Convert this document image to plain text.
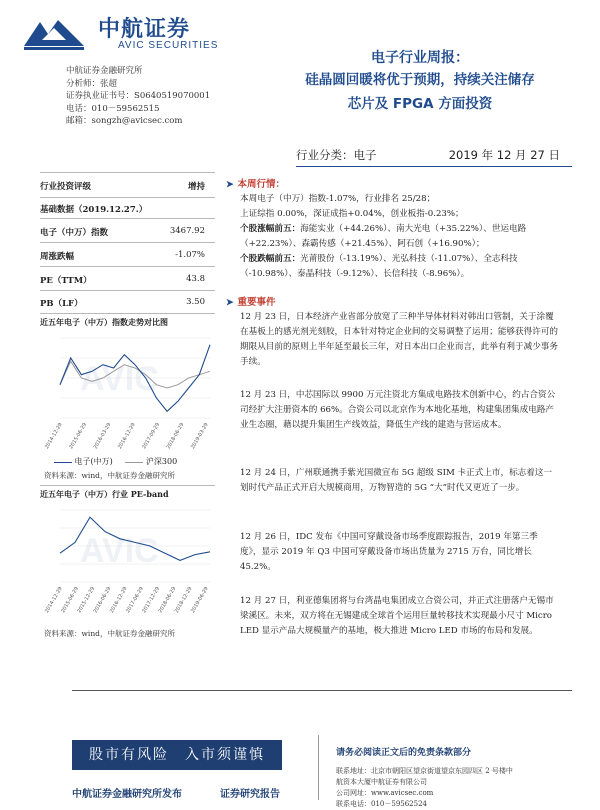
中航证券
AVIC SECURITIES
中航证券金融研究所
分析师：张超
证券执业证书号：S0640519070001
电话：010－59562515
邮箱：songzh@avicsec.com
电子行业周报：
硅晶圆回暖将优于预期，持续关注储存
芯片及 FPGA 方面投资
行业分类：电子	2019 年 12 月 27 日
行业投资评级	增持
基础数据（2019.12.27.）
电子（中万）指数	3467.92
周涨跌幅	-1.07%
PE（TTM）	43.8
PB（LF）	3.50
近五年电子（中万）指数走势对比图
AVIC
2014-12-29 2015-06-29 2016-03-29 2016-12-29 2017-09-29 2018-06-29 2019-03-29
电子(中万)	沪深300
资料来源：wind，中航证券金融研究所
近五年电子（中万）行业 PE-band
AVIC
2014-12-29
2015-06-29
2015-12-29
2016-06-29
2016-12-29
2017-06-29
2017-12-29
2018-06-29
2018-12-29
2019-06-29
资料来源：wind，中航证券金融研究所
➤ 本周行情：
本周电子（中万）指数-1.07%，行业排名 25/28；
上证综指 0.00%，深证成指+0.04%，创业板指-0.23%；
个股涨幅前五：海能实业（+44.26%）、南大光电（+35.22%）、世运电路（+22.23%）、森霸传感（+21.45%）、阿石创（+16.90%）；
个股跌幅前五：光莆股份（-13.19%）、光弘科技（-11.07%）、全志科技（-10.98%）、泰晶科技（-9.12%）、长信科技（-8.96%）。
➤ 重要事件
12 月 23 日，日本经济产业省部分放宽了三种半导体材料对韩出口管制，关于涂覆在基板上的感光剂光刻胶，日本针对特定企业间的交易调整了运用；能够获得许可的期限从目前的原则上半年延至最长三年，对日本出口企业而言，此举有利于减少事务手续。
12 月 23 日，中芯国际以 9900 万元注资北方集成电路技术创新中心，约占合资公司经扩大注册资本的 66%。合资公司以北京作为本地化基地，构建集团集成电路产业生态圈，藉以提升集团生产线效益，降低生产线的建造与营运成本。
12 月 24 日，广州联通携手紫光国微宣布 5G 超级 SIM 卡正式上市，标志着这一划时代产品正式开启大规模商用，万物智造的 5G “大”时代又更近了一步。
12 月 26 日，IDC 发布《中国可穿戴设备市场季度跟踪报告，2019 年第三季度》，显示 2019 年 Q3 中国可穿戴设备市场出货量为 2715 万台，同比增长 45.2%。
12 月 27 日，利亚德集团将与台湾晶电集团成立合资公司，并正式注册落户无锡市梁溪区。未来，双方将在无锡建成全球首个运用巨量转移技术实现最小尺寸 Micro LED 显示产品大规模量产的基地，极大推进 Micro LED 市场的布局和发展。
股市有风险　入市须谨慎	请务必阅读正文后的免责条款部分
联系地址：北京市朝阳区望京街道望京东园四区 2 号楼中
航资本大厦中航证券有限公司
公司网址：www.avicsec.com
联系电话：010－59562524
中航证券金融研究所发布	证券研究报告
